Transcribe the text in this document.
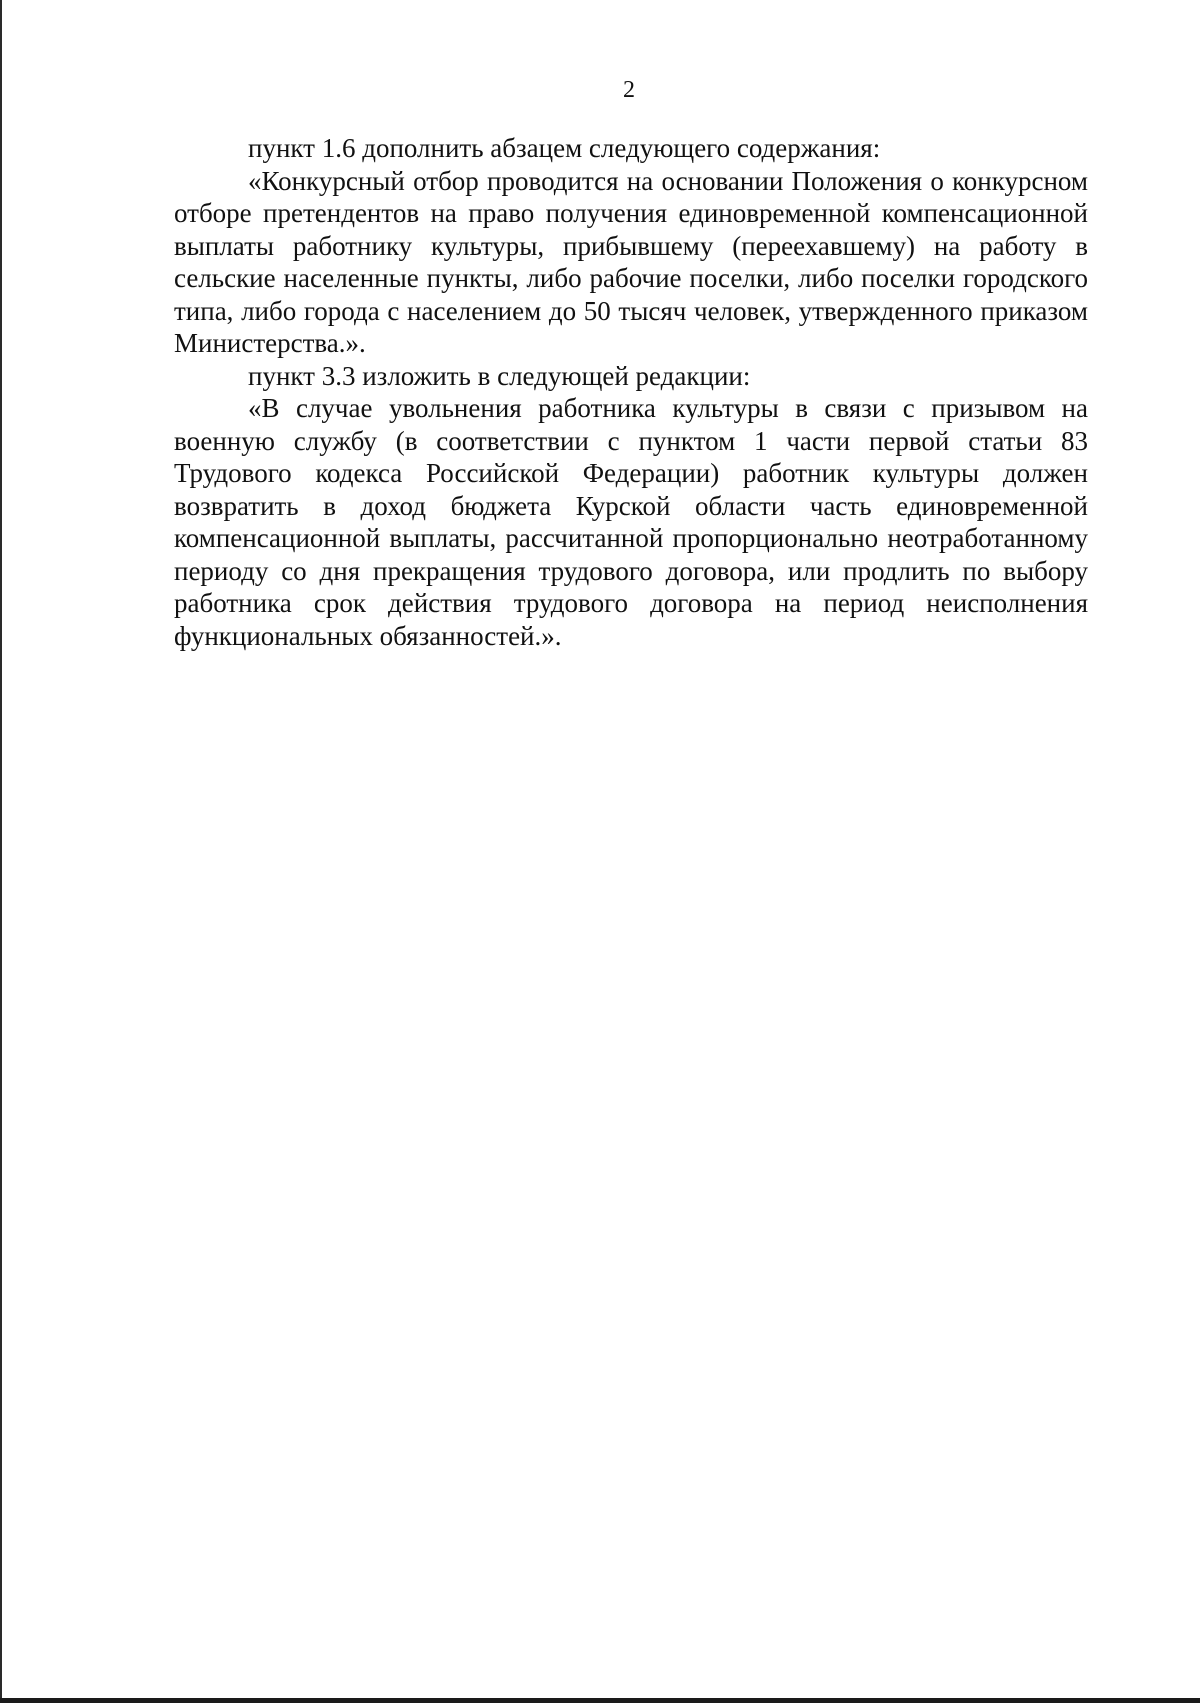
2

пункт 1.6 дополнить абзацем следующего содержания:

«Конкурсный отбор проводится на основании Положения о конкурсном отборе претендентов на право получения единовременной компенсационной выплаты работнику культуры, прибывшему (переехавшему) на работу в сельские населенные пункты, либо рабочие поселки, либо поселки городского типа, либо города с населением до 50 тысяч человек, утвержденного приказом Министерства.».

пункт 3.3 изложить в следующей редакции:

«В случае увольнения работника культуры в связи с призывом на военную службу (в соответствии с пунктом 1 части первой статьи 83 Трудового кодекса Российской Федерации) работник культуры должен возвратить в доход бюджета Курской области часть единовременной компенсационной выплаты, рассчитанной пропорционально неотработанному периоду со дня прекращения трудового договора, или продлить по выбору работника срок действия трудового договора на период неисполнения функциональных обязанностей.».
